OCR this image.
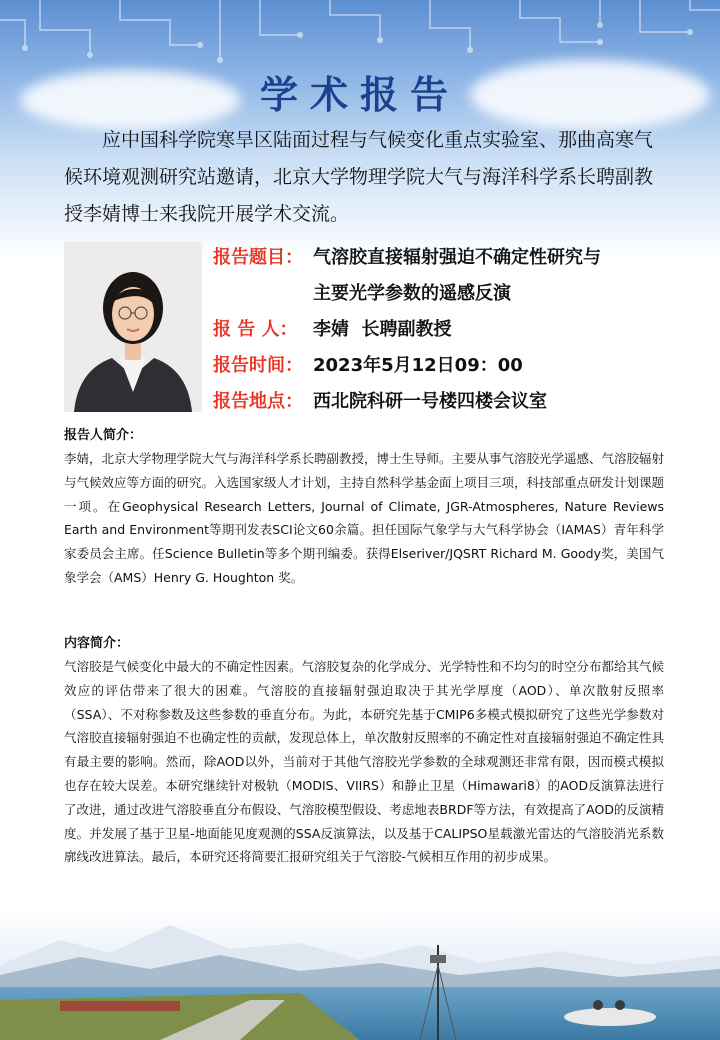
学术报告
应中国科学院寒旱区陆面过程与气候变化重点实验室、那曲高寒气候环境观测研究站邀请，北京大学物理学院大气与海洋科学系长聘副教授李婧博士来我院开展学术交流。
报告题目： 气溶胶直接辐射强迫不确定性研究与
主要光学参数的遥感反演
报 告 人： 李婧  长聘副教授
报告时间： 2023年5月12日09：00
报告地点： 西北院科研一号楼四楼会议室
报告人简介：
李婧，北京大学物理学院大气与海洋科学系长聘副教授，博士生导师。主要从事气溶胶光学遥感、气溶胶辐射与气候效应等方面的研究。入选国家级人才计划，主持自然科学基金面上项目三项，科技部重点研发计划课题一项。在Geophysical Research Letters, Journal of Climate, JGR-Atmospheres, Nature Reviews Earth and Environment等期刊发表SCI论文60余篇。担任国际气象学与大气科学协会（IAMAS）青年科学家委员会主席。任Science Bulletin等多个期刊编委。获得Elseriver/JQSRT Richard M. Goody奖，美国气象学会（AMS）Henry G. Houghton 奖。
内容简介：
气溶胶是气候变化中最大的不确定性因素。气溶胶复杂的化学成分、光学特性和不均匀的时空分布都给其气候效应的评估带来了很大的困难。气溶胶的直接辐射强迫取决于其光学厚度（AOD）、单次散射反照率（SSA）、不对称参数及这些参数的垂直分布。为此，本研究先基于CMIP6多模式模拟研究了这些光学参数对气溶胶直接辐射强迫不也确定性的贡献，发现总体上，单次散射反照率的不确定性对直接辐射强迫不确定性具有最主要的影响。然而，除AOD以外，当前对于其他气溶胶光学参数的全球观测还非常有限，因而模式模拟也存在较大误差。本研究继续针对极轨（MODIS、VIIRS）和静止卫星（Himawari8）的AOD反演算法进行了改进，通过改进气溶胶垂直分布假设、气溶胶模型假设、考虑地表BRDF等方法，有效提高了AOD的反演精度。并发展了基于卫星-地面能见度观测的SSA反演算法，以及基于CALIPSO星载激光雷达的气溶胶消光系数廓线改进算法。最后，本研究还将简要汇报研究组关于气溶胶-气候相互作用的初步成果。
